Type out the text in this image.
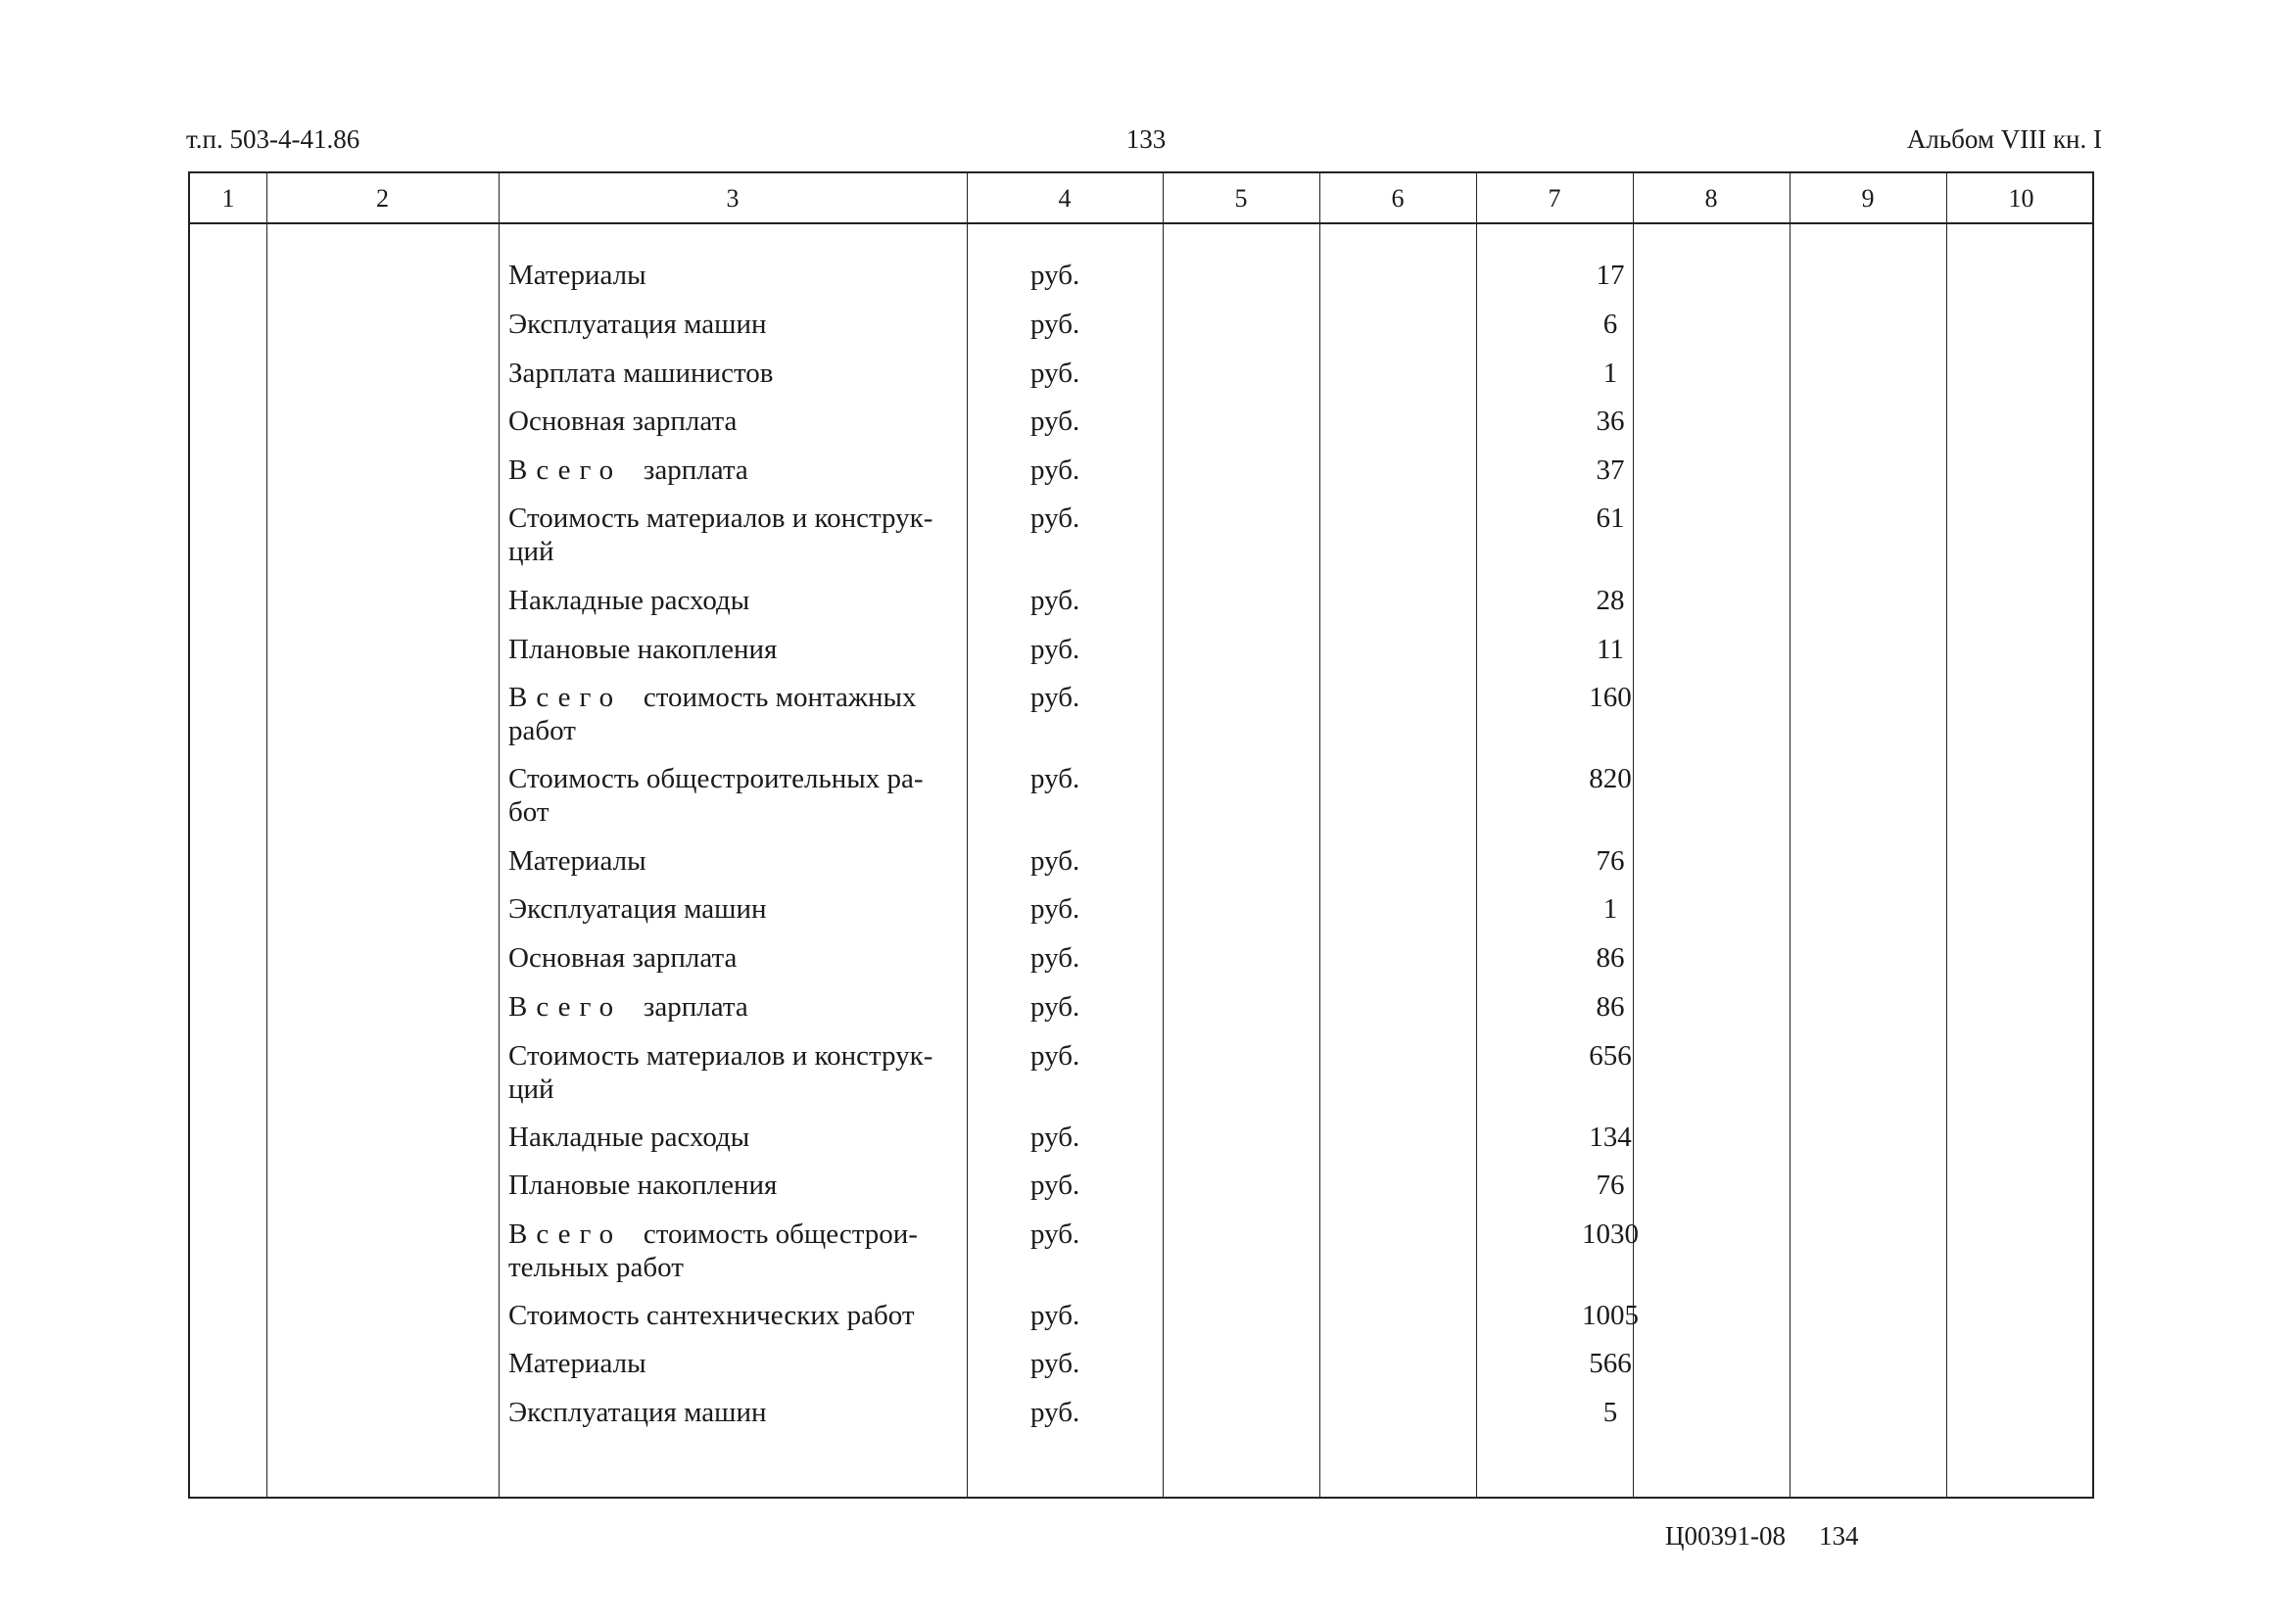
т.п. 503-4-41.86	133	Альбом VIII кн. I
1	2	3	4	5	6	7	8	9	10
Материалы	руб.	17
Эксплуатация машин	руб.	6
Зарплата машинистов	руб.	1
Основная зарплата	руб.	36
Всего зарплата	руб.	37
Стоимость материалов и конструк-
ций
руб.	61
Накладные расходы	руб.	28
Плановые накопления	руб.	11
Всего стоимость монтажных
работ
руб.	160
Стоимость общестроительных ра-
бот
руб.	820
Материалы	руб.	76
Эксплуатация машин	руб.	1
Основная зарплата	руб.	86
Всего зарплата	руб.	86
Стоимость материалов и конструк-
ций
руб.	656
Накладные расходы	руб.	134
Плановые накопления	руб.	76
Всего стоимость общестрои-
тельных работ
руб.	1030
Стоимость сантехнических работ	руб.	1005
Материалы	руб.	566
Эксплуатация машин	руб.	5
Ц00391-08 134
